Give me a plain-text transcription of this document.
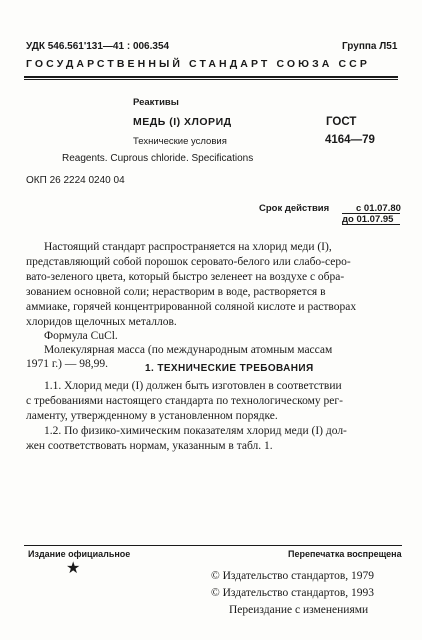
УДК 546.561'131—41 : 006.354	Группа Л51
ГОСУДАРСТВЕННЫЙ СТАНДАРТ СОЮЗА ССР
Реактивы
МЕДЬ (I) ХЛОРИД
Технические условия
ГОСТ
4164—79
Reagents. Cuprous chloride. Specifications
ОКП 26 2224 0240 04
Срок действия	с 01.07.80
до 01.07.95
Настоящий стандарт распространяется на хлорид меди (I),
представляющий собой порошок серовато-белого или слабо-серо-
вато-зеленого цвета, который быстро зеленеет на воздухе с обра-
зованием основной соли; нерастворим в воде, растворяется в
аммиаке, горячей концентрированной соляной кислоте и растворах
хлоридов щелочных металлов.
Формула CuCl.
Молекулярная масса (по международным атомным массам
1. ТЕХНИЧЕСКИЕ ТРЕБОВАНИЯ
1.1. Хлорид меди (I) должен быть изготовлен в соответствии
с требованиями настоящего стандарта по технологическому рег-
ламенту, утвержденному в установленном порядке.
1.2. По физико-химическим показателям хлорид меди (I) дол-
жен соответствовать нормам, указанным в табл. 1.
Издание официальное	Перепечатка воспрещена
★	© Издательство стандартов, 1979
© Издательство стандартов, 1993
Переиздание с изменениями
1971 г.) — 98,99.
